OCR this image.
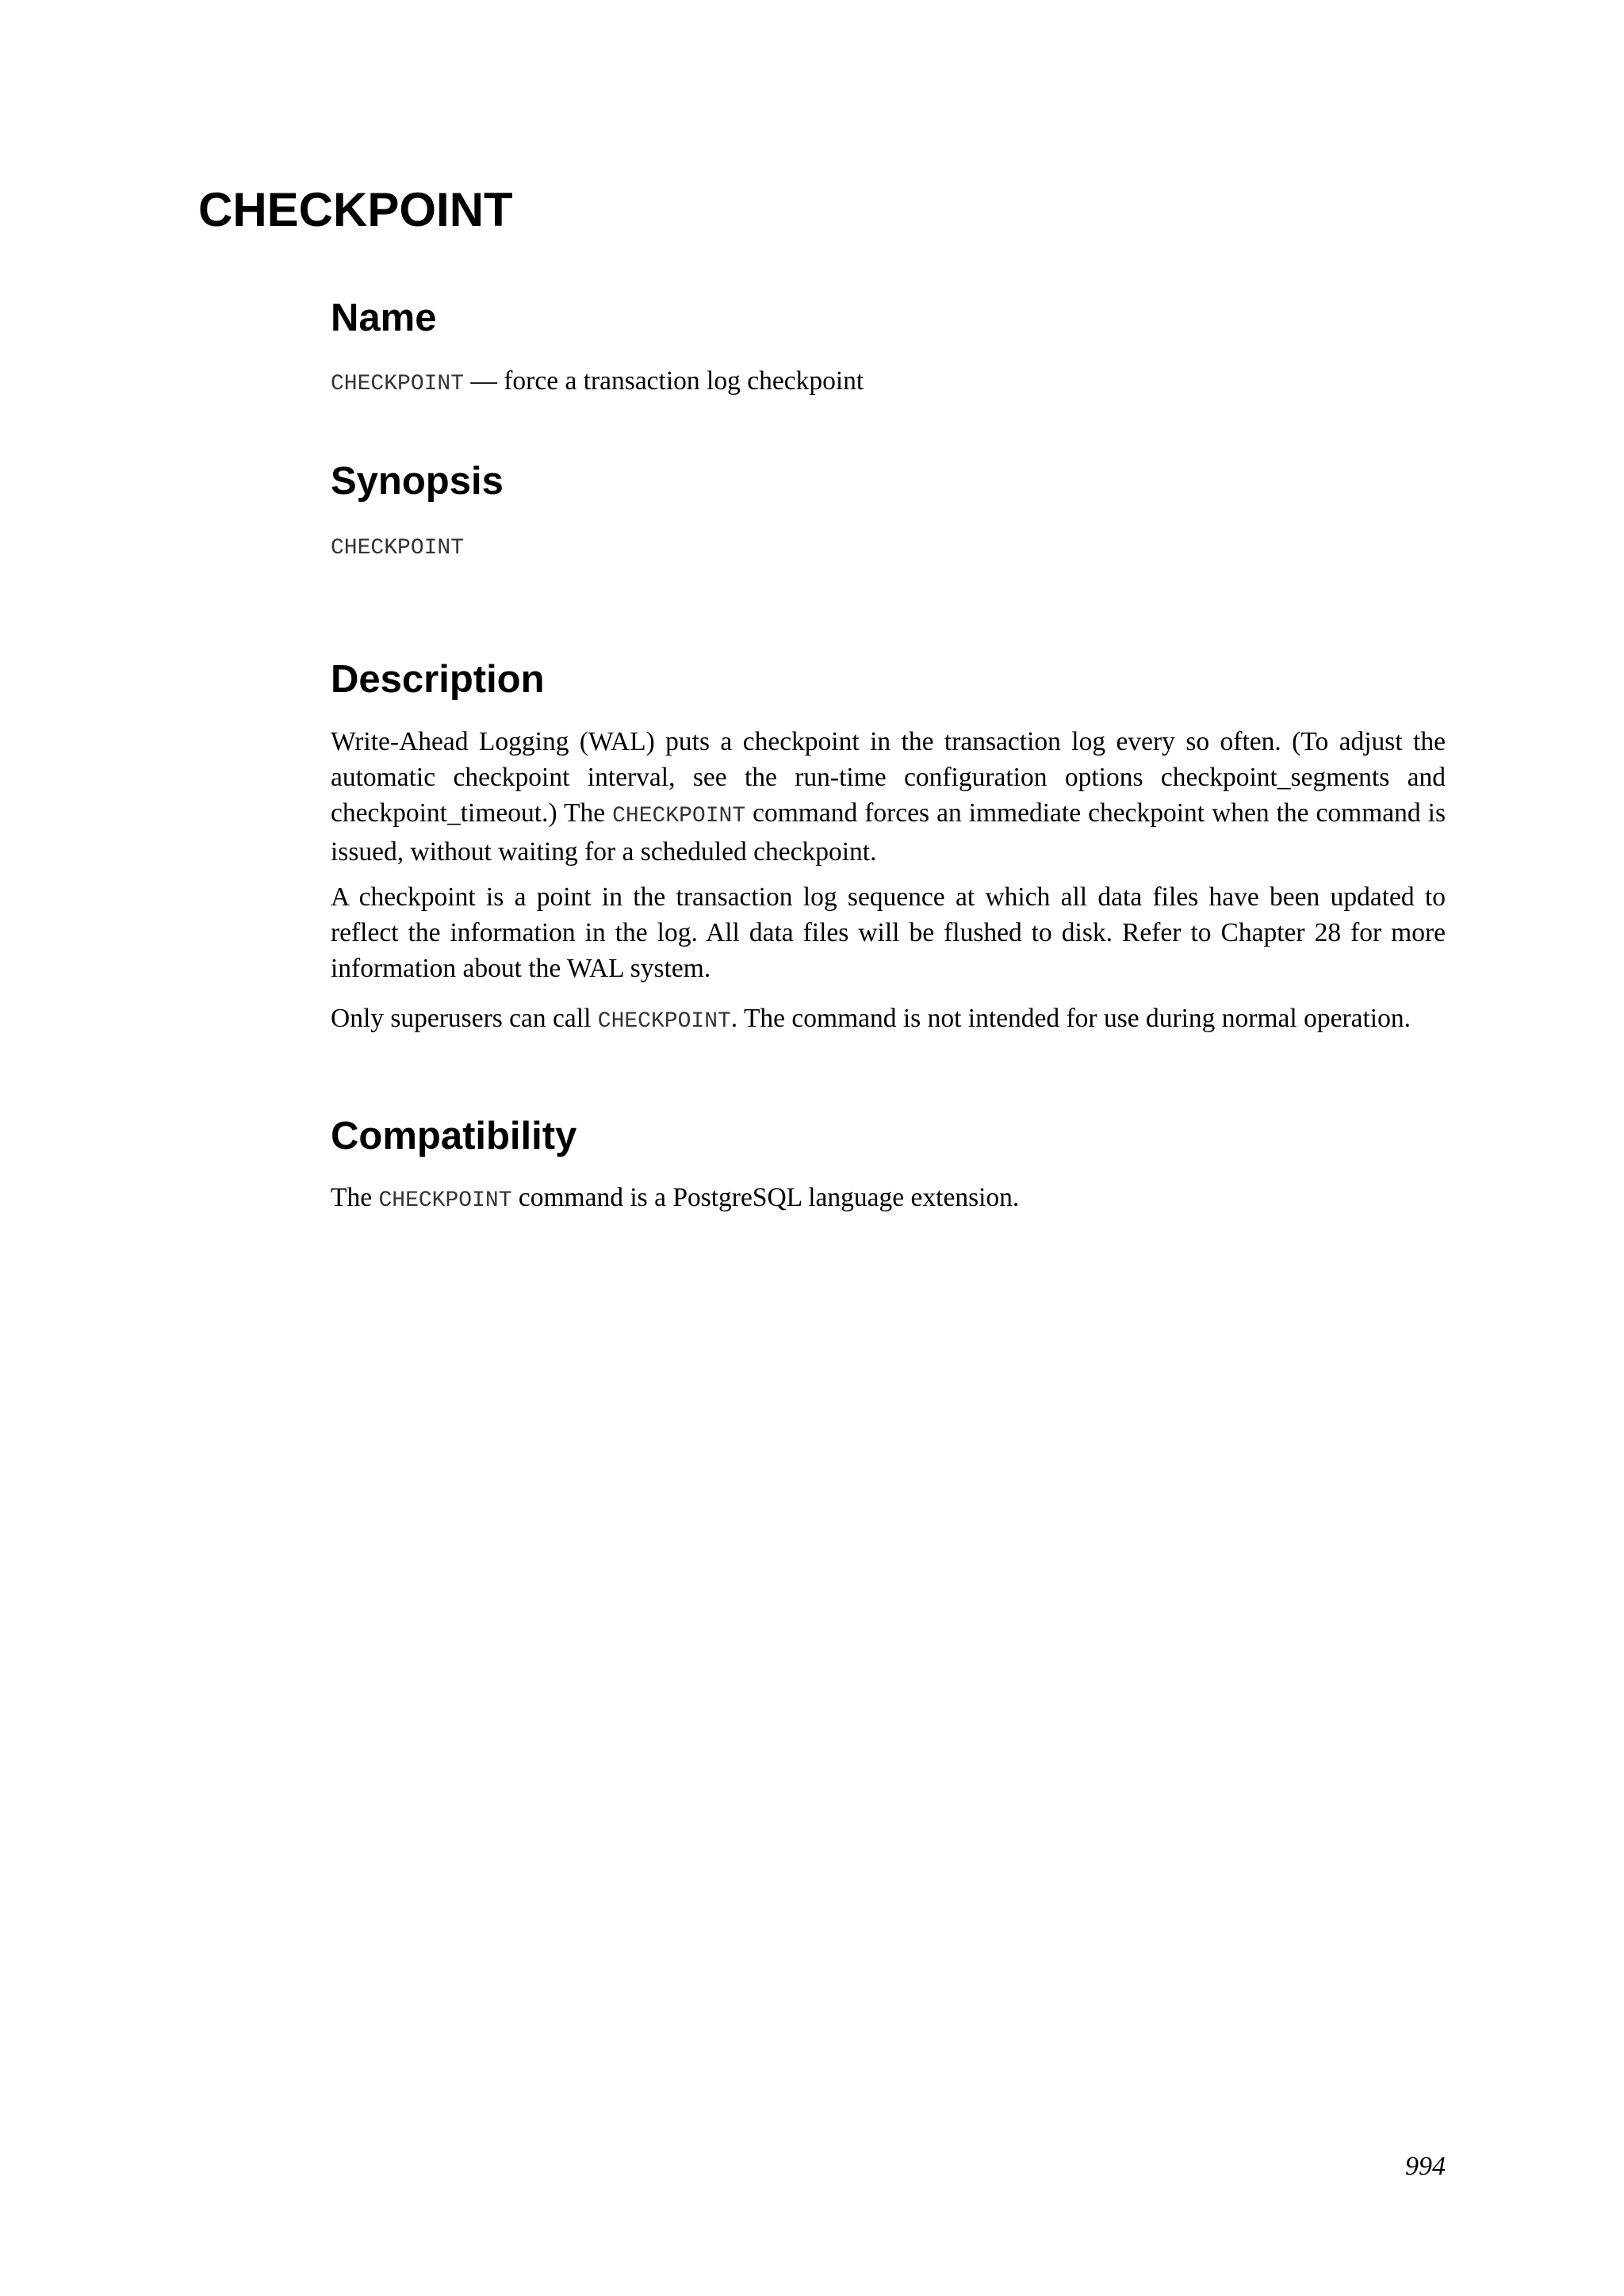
CHECKPOINT
Name

CHECKPOINT — force a transaction log checkpoint

Synopsis

CHECKPOINT

Description

Write-Ahead Logging (WAL) puts a checkpoint in the transaction log every so often. (To adjust the automatic checkpoint interval, see the run-time configuration options checkpoint_segments and checkpoint_timeout.) The CHECKPOINT command forces an immediate checkpoint when the command is issued, without waiting for a scheduled checkpoint.

A checkpoint is a point in the transaction log sequence at which all data files have been updated to reflect the information in the log. All data files will be flushed to disk. Refer to Chapter 28 for more information about the WAL system.

Only superusers can call CHECKPOINT. The command is not intended for use during normal operation.

Compatibility

The CHECKPOINT command is a PostgreSQL language extension.

994
